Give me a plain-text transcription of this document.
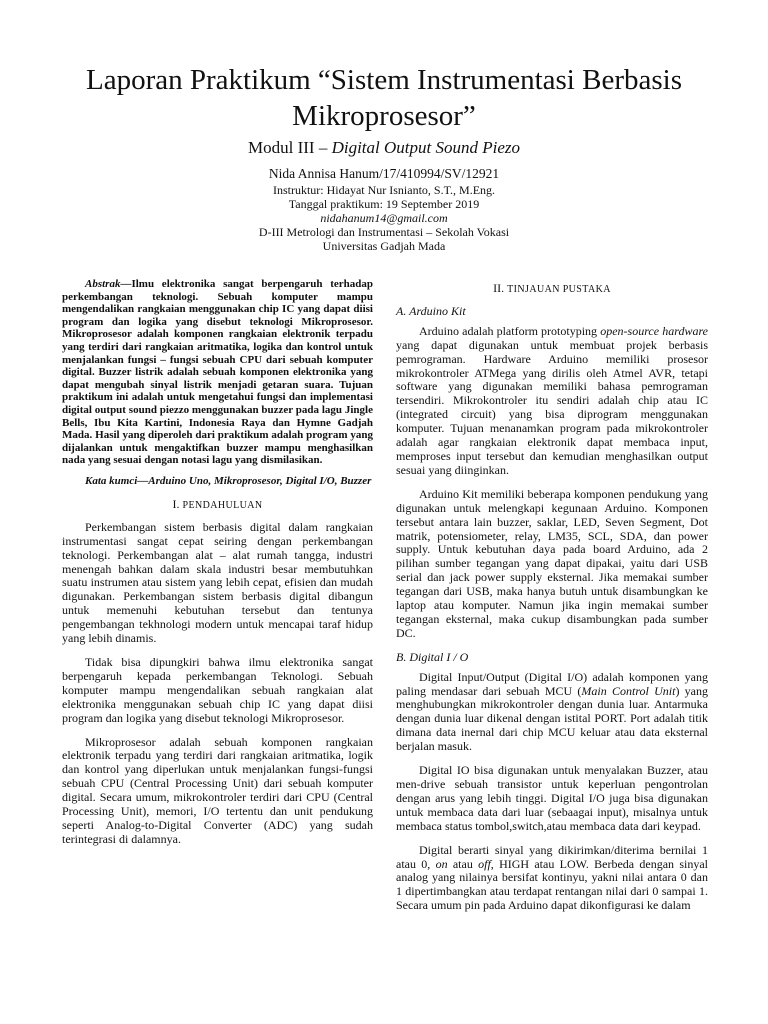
Laporan Praktikum “Sistem Instrumentasi Berbasis Mikroprosesor”
Modul III – Digital Output Sound Piezo
Nida Annisa Hanum/17/410994/SV/12921
Instruktur: Hidayat Nur Isnianto, S.T., M.Eng.
Tanggal praktikum: 19 September 2019
nidahanum14@gmail.com
D-III Metrologi dan Instrumentasi – Sekolah Vokasi
Universitas Gadjah Mada
Abstrak—Ilmu elektronika sangat berpengaruh terhadap perkembangan teknologi. Sebuah komputer mampu mengendalikan rangkaian menggunakan chip IC yang dapat diisi program dan logika yang disebut teknologi Mikroprosesor. Mikroprosesor adalah komponen rangkaian elektronik terpadu yang terdiri dari rangkaian aritmatika, logika dan kontrol untuk menjalankan fungsi – fungsi sebuah CPU dari sebuah komputer digital. Buzzer listrik adalah sebuah komponen elektronika yang dapat mengubah sinyal listrik menjadi getaran suara. Tujuan praktikum ini adalah untuk mengetahui fungsi dan implementasi digital output sound piezzo menggunakan buzzer pada lagu Jingle Bells, Ibu Kita Kartini, Indonesia Raya dan Hymne Gadjah Mada. Hasil yang diperoleh dari praktikum adalah program yang dijalankan untuk mengaktifkan buzzer mampu menghasilkan nada yang sesuai dengan notasi lagu yang dismilasikan.
Kata kumci—Arduino Uno, Mikroprosesor, Digital I/O, Buzzer
I. PENDAHULUAN

Perkembangan sistem berbasis digital dalam rangkaian instrumentasi sangat cepat seiring dengan perkembangan teknologi. Perkembangan alat – alat rumah tangga, industri menengah bahkan dalam skala industri besar membutuhkan suatu instrumen atau sistem yang lebih cepat, efisien dan mudah digunakan. Perkembangan sistem berbasis digital dibangun untuk memenuhi kebutuhan tersebut dan tentunya pengembangan tekhnologi modern untuk mencapai taraf hidup yang lebih dinamis.

Tidak bisa dipungkiri bahwa ilmu elektronika sangat berpengaruh kepada perkembangan Teknologi. Sebuah komputer mampu mengendalikan sebuah rangkaian alat elektronika menggunakan sebuah chip IC yang dapat diisi program dan logika yang disebut teknologi Mikroprosesor.

Mikroprosesor adalah sebuah komponen rangkaian elektronik terpadu yang terdiri dari rangkaian aritmatika, logik dan kontrol yang diperlukan untuk menjalankan fungsi-fungsi sebuah CPU (Central Processing Unit) dari sebuah komputer digital. Secara umum, mikrokontroler terdiri dari CPU (Central Processing Unit), memori, I/O tertentu dan unit pendukung seperti Analog-to-Digital Converter (ADC) yang sudah terintegrasi di dalamnya.

II. TINJAUAN PUSTAKA
A. Arduino Kit

Arduino adalah platform prototyping open-source hardware yang dapat digunakan untuk membuat projek berbasis pemrograman. Hardware Arduino memiliki prosesor mikrokontroler ATMega yang dirilis oleh Atmel AVR, tetapi software yang digunakan memiliki bahasa pemrograman tersendiri. Mikrokontroler itu sendiri adalah chip atau IC (integrated circuit) yang bisa diprogram menggunakan komputer. Tujuan menanamkan program pada mikrokontroler adalah agar rangkaian elektronik dapat membaca input, memproses input tersebut dan kemudian menghasilkan output sesuai yang diinginkan.

Arduino Kit memiliki beberapa komponen pendukung yang digunakan untuk melengkapi kegunaan Arduino. Komponen tersebut antara lain buzzer, saklar, LED, Seven Segment, Dot matrik, potensiometer, relay, LM35, SCL, SDA, dan power supply. Untuk kebutuhan daya pada board Arduino, ada 2 pilihan sumber tegangan yang dapat dipakai, yaitu dari USB serial dan jack power supply eksternal. Jika memakai sumber tegangan dari USB, maka hanya butuh untuk disambungkan ke laptop atau komputer. Namun jika ingin memakai sumber tegangan eksternal, maka cukup disambungkan pada sumber DC.

B. Digital I / O

Digital Input/Output (Digital I/O) adalah komponen yang paling mendasar dari sebuah MCU (Main Control Unit) yang menghubungkan mikrokontroler dengan dunia luar. Antarmuka dengan dunia luar dikenal dengan istital PORT. Port adalah titik dimana data inernal dari chip MCU keluar atau data eksternal berjalan masuk.

Digital IO bisa digunakan untuk menyalakan Buzzer, atau men-drive sebuah transistor untuk keperluan pengontrolan dengan arus yang lebih tinggi. Digital I/O juga bisa digunakan untuk membaca data dari luar (sebaagai input), misalnya untuk membaca status tombol,switch,atau membaca data dari keypad.

Digital berarti sinyal yang dikirimkan/diterima bernilai 1 atau 0, on atau off, HIGH atau LOW. Berbeda dengan sinyal analog yang nilainya bersifat kontinyu, yakni nilai antara 0 dan 1 dipertimbangkan atau terdapat rentangan nilai dari 0 sampai 1. Secara umum pin pada Arduino dapat dikonfigurasi ke dalam
